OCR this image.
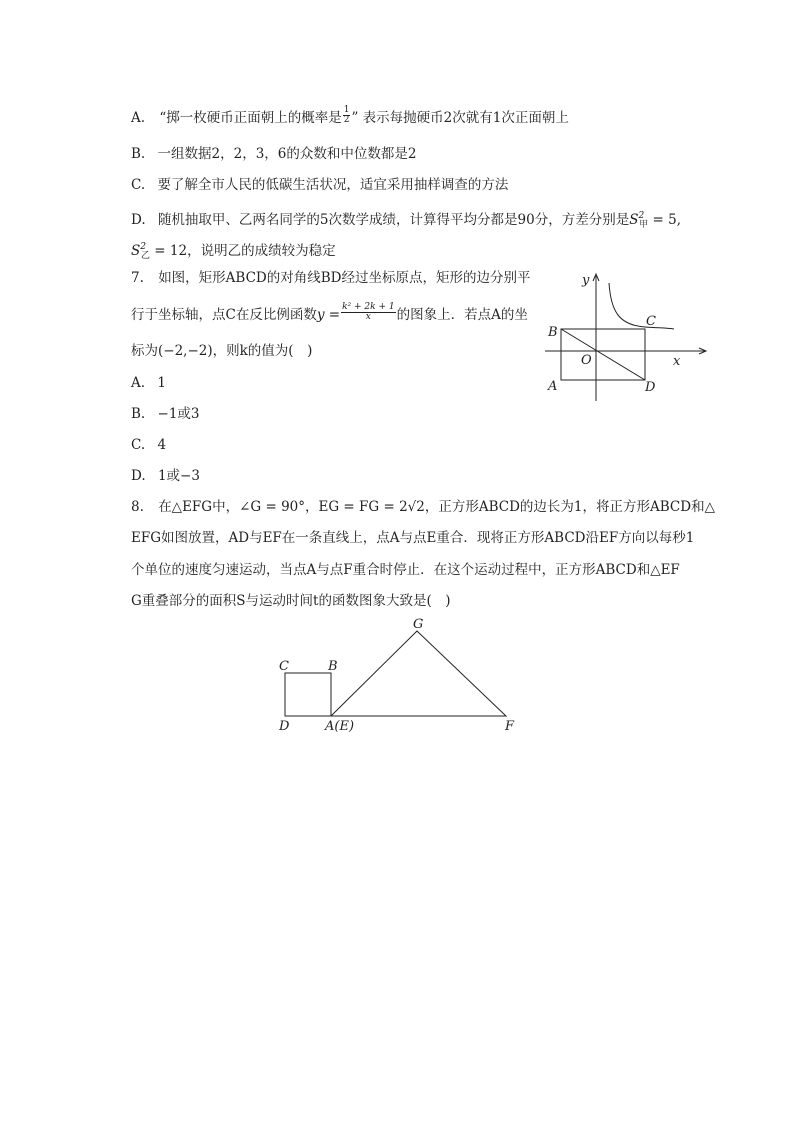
A. “掷一枚硬币正面朝上的概率是 $\frac{1}{2}$ ” 表示每抛硬币2次就有1次正面朝上
B. 一组数据2，2，3，6的众数和中位数都是2
C. 要了解全市人民的低碳生活状况，适宜采用抽样调查的方法
D. 随机抽取甲、乙两名同学的5次数学成绩，计算得平均分都是90分，方差分别是$S^2_甲 = 5$,
$S^2_乙 = 12$，说明乙的成绩较为稳定
7. 如图，矩形ABCD的对角线BD经过坐标原点，矩形的边分别平
行于坐标轴，点C在反比例函数$y = \frac{\text{k² + 2k + 1}}{x}$ 的图象上．若点A的坐
标为(−2,−2)，则k的值为(　)
A. 1
B. −1或3
C. 4
D. 1或−3
y
x
B
C
O
A	D
8. 在△EFG中，∠G = 90°，EG = FG = 2√2，正方形ABCD的边长为1，将正方形ABCD和△
EFG如图放置，AD与EF在一条直线上，点A与点E重合．现将正方形ABCD沿EF方向以每秒1
个单位的速度匀速运动，当点A与点F重合时停止．在这个运动过程中，正方形ABCD和△EF
G重叠部分的面积S与运动时间t的函数图象大致是(　)
C	B
G
D	A(E)	F
